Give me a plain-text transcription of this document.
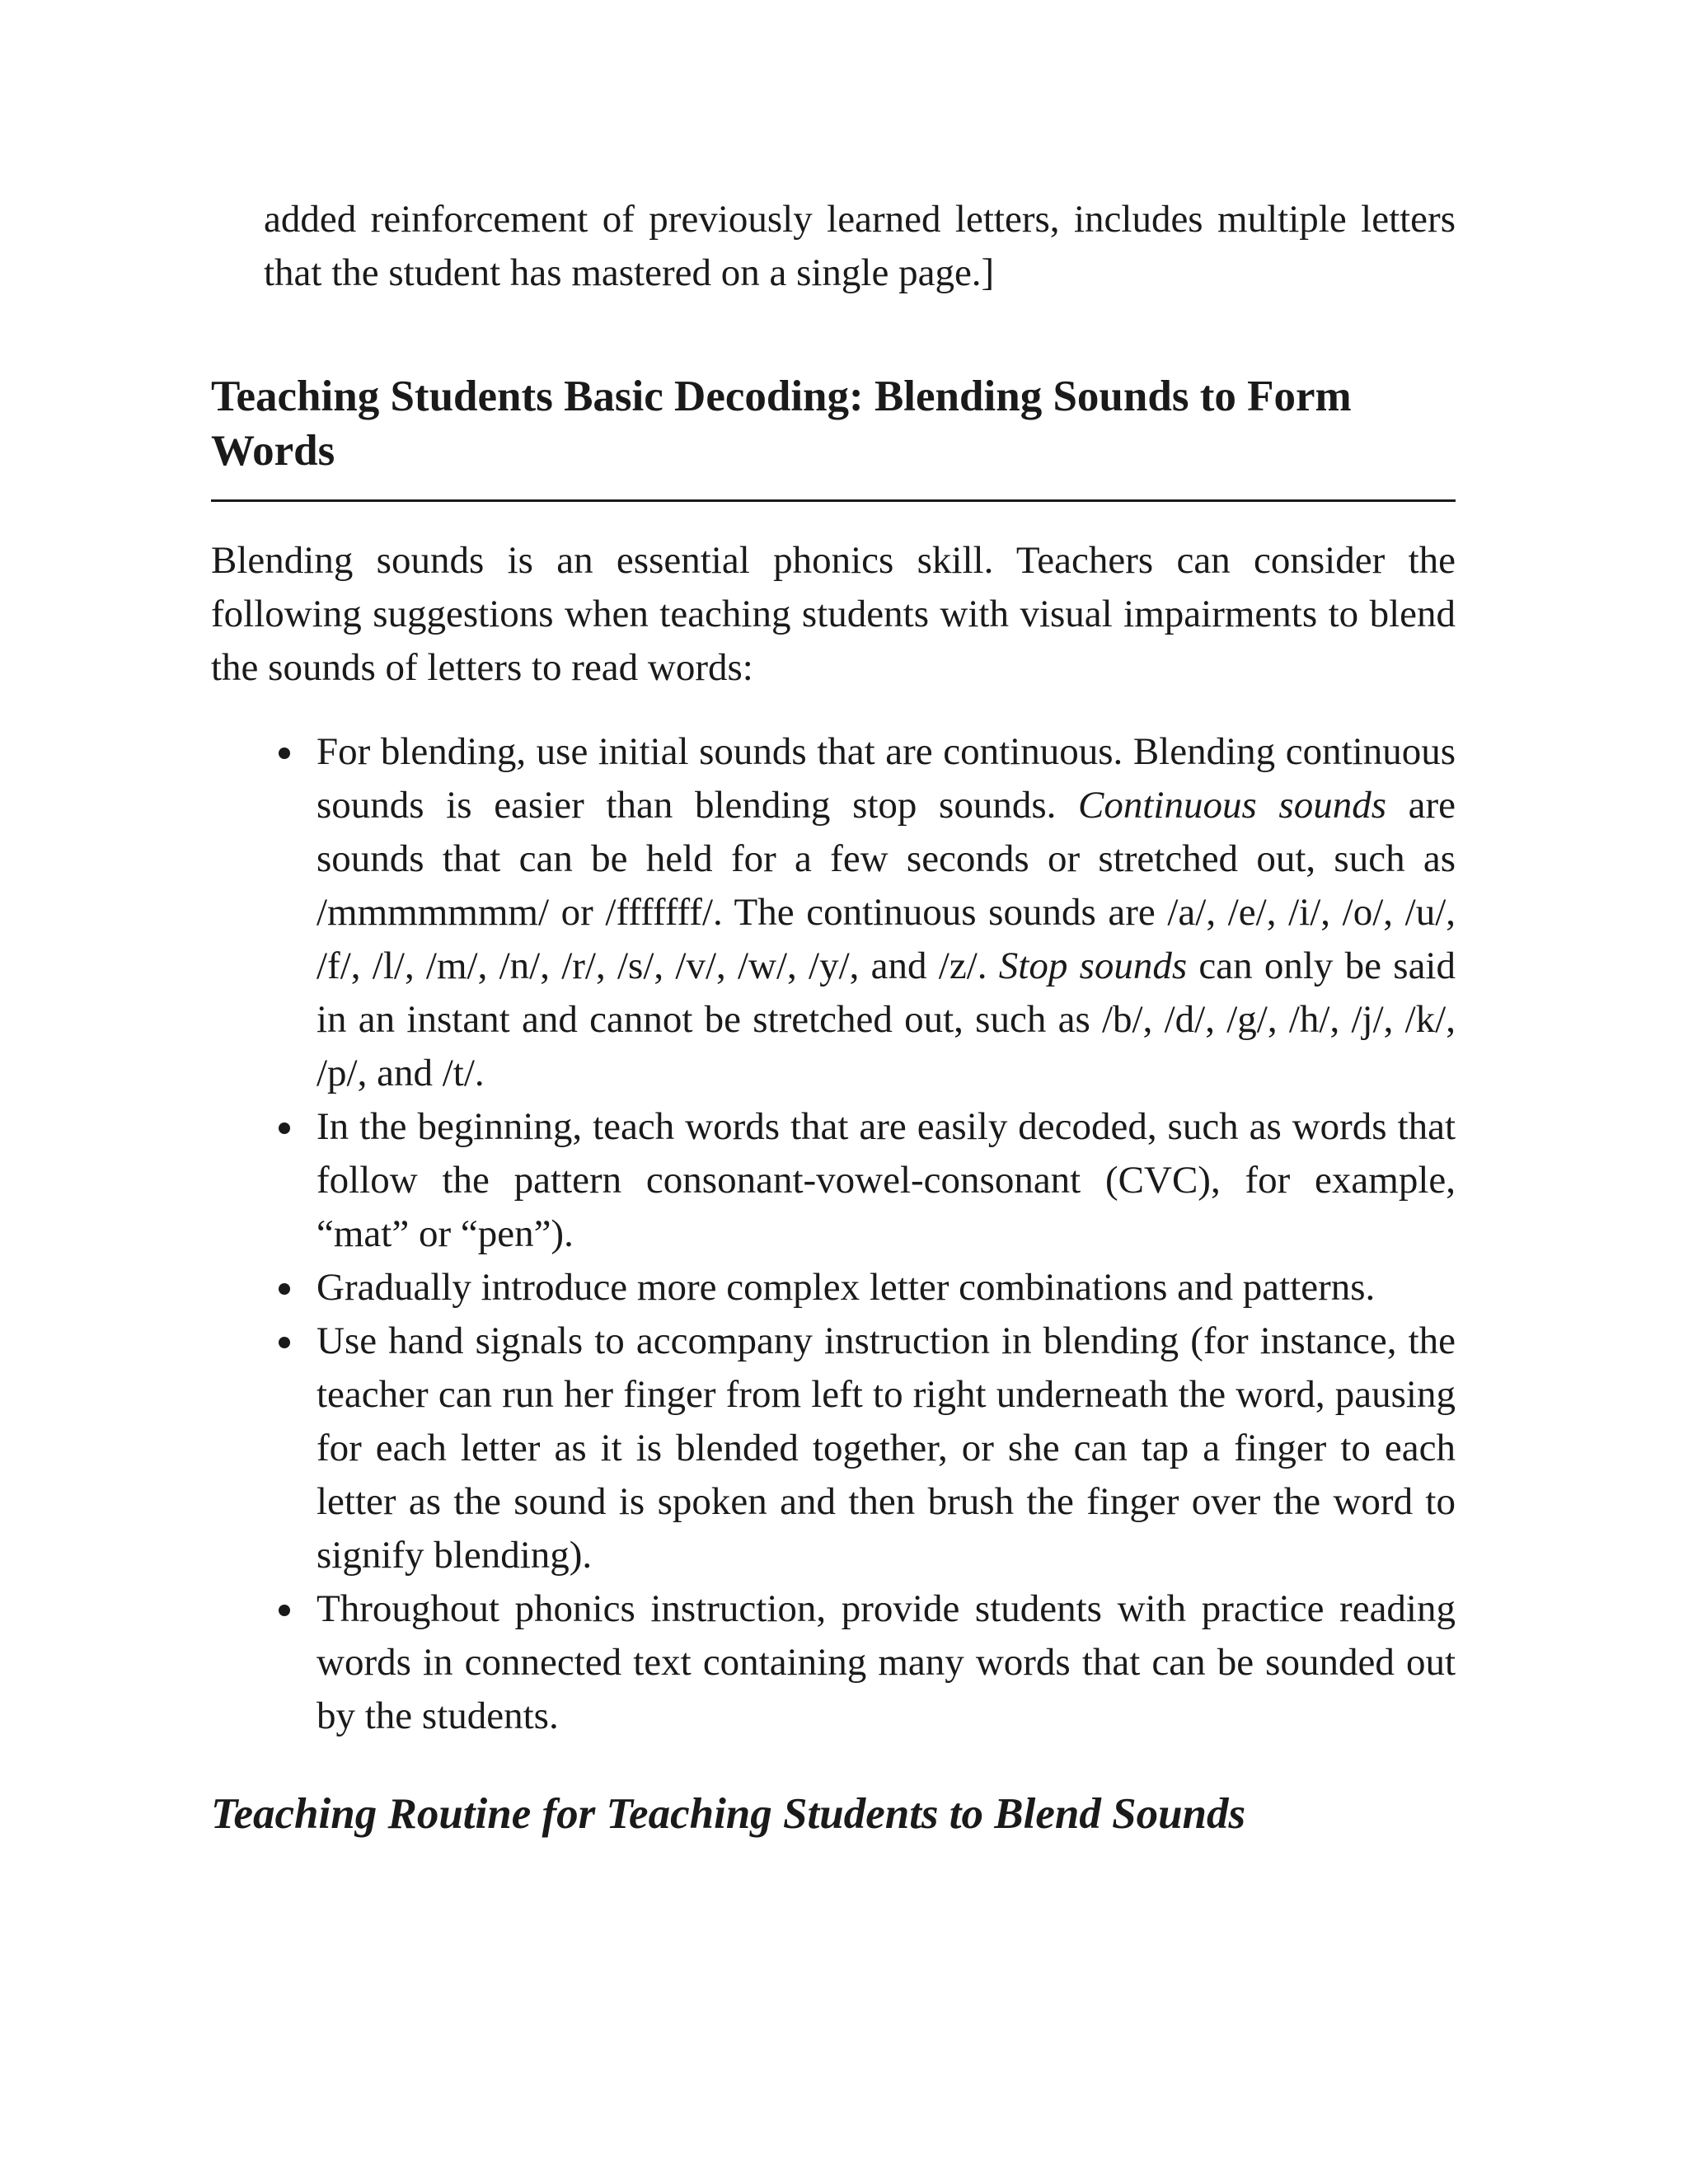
added reinforcement of previously learned letters, includes multiple letters that the student has mastered on a single page.]

Teaching Students Basic Decoding: Blending Sounds to Form Words

Blending sounds is an essential phonics skill. Teachers can consider the following suggestions when teaching students with visual impairments to blend the sounds of letters to read words:

For blending, use initial sounds that are continuous. Blending continuous sounds is easier than blending stop sounds. Continuous sounds are sounds that can be held for a few seconds or stretched out, such as /mmmmmmm/ or /fffffff/. The continuous sounds are /a/, /e/, /i/, /o/, /u/, /f/, /l/, /m/, /n/, /r/, /s/, /v/, /w/, /y/, and /z/. Stop sounds can only be said in an instant and cannot be stretched out, such as /b/, /d/, /g/, /h/, /j/, /k/, /p/, and /t/.
In the beginning, teach words that are easily decoded, such as words that follow the pattern consonant-vowel-consonant (CVC), for example, “mat” or “pen”).
Gradually introduce more complex letter combinations and patterns.
Use hand signals to accompany instruction in blending (for instance, the teacher can run her finger from left to right underneath the word, pausing for each letter as it is blended together, or she can tap a finger to each letter as the sound is spoken and then brush the finger over the word to signify blending).
Throughout phonics instruction, provide students with practice reading words in connected text containing many words that can be sounded out by the students.
Teaching Routine for Teaching Students to Blend Sounds
